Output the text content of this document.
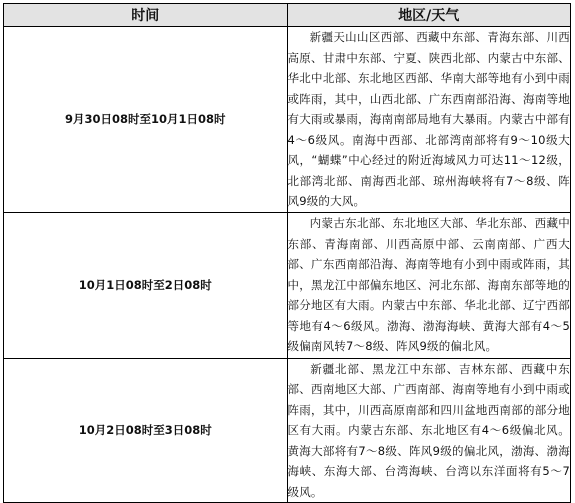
时间	地区/天气
9月30日08时至10月1日08时	新疆天山山区西部、西藏中东部、青海东部、川西高原、甘肃中东部、宁夏、陕西北部、内蒙古中东部、华北中北部、东北地区西部、华南大部等地有小到中雨或阵雨，其中，山西北部、广东西南部沿海、海南等地有大雨或暴雨，海南南部局地有大暴雨。内蒙古中部有4～6级风。南海中西部、北部湾南部将有9～10级大风，“蝴蝶”中心经过的附近海域风力可达11～12级，北部湾北部、南海西北部、琼州海峡将有7～8级、阵风9级的大风。
10月1日08时至2日08时	内蒙古东北部、东北地区大部、华北东部、西藏中东部、青海南部、川西高原中部、云南南部、广西大部、广东西南部沿海、海南等地有小到中雨或阵雨，其中，黑龙江中部偏东地区、河北东部、海南东部等地的部分地区有大雨。内蒙古中东部、华北北部、辽宁西部等地有4～6级风。渤海、渤海海峡、黄海大部有4～5级偏南风转7～8级、阵风9级的偏北风。
10月2日08时至3日08时	新疆北部、黑龙江中东部、吉林东部、西藏中东部、西南地区大部、广西南部、海南等地有小到中雨或阵雨，其中，川西高原南部和四川盆地西南部的部分地区有大雨。内蒙古东部、东北地区有4～6级偏北风。黄海大部将有7～8级、阵风9级的偏北风，渤海、渤海海峡、东海大部、台湾海峡、台湾以东洋面将有5～7级风。
